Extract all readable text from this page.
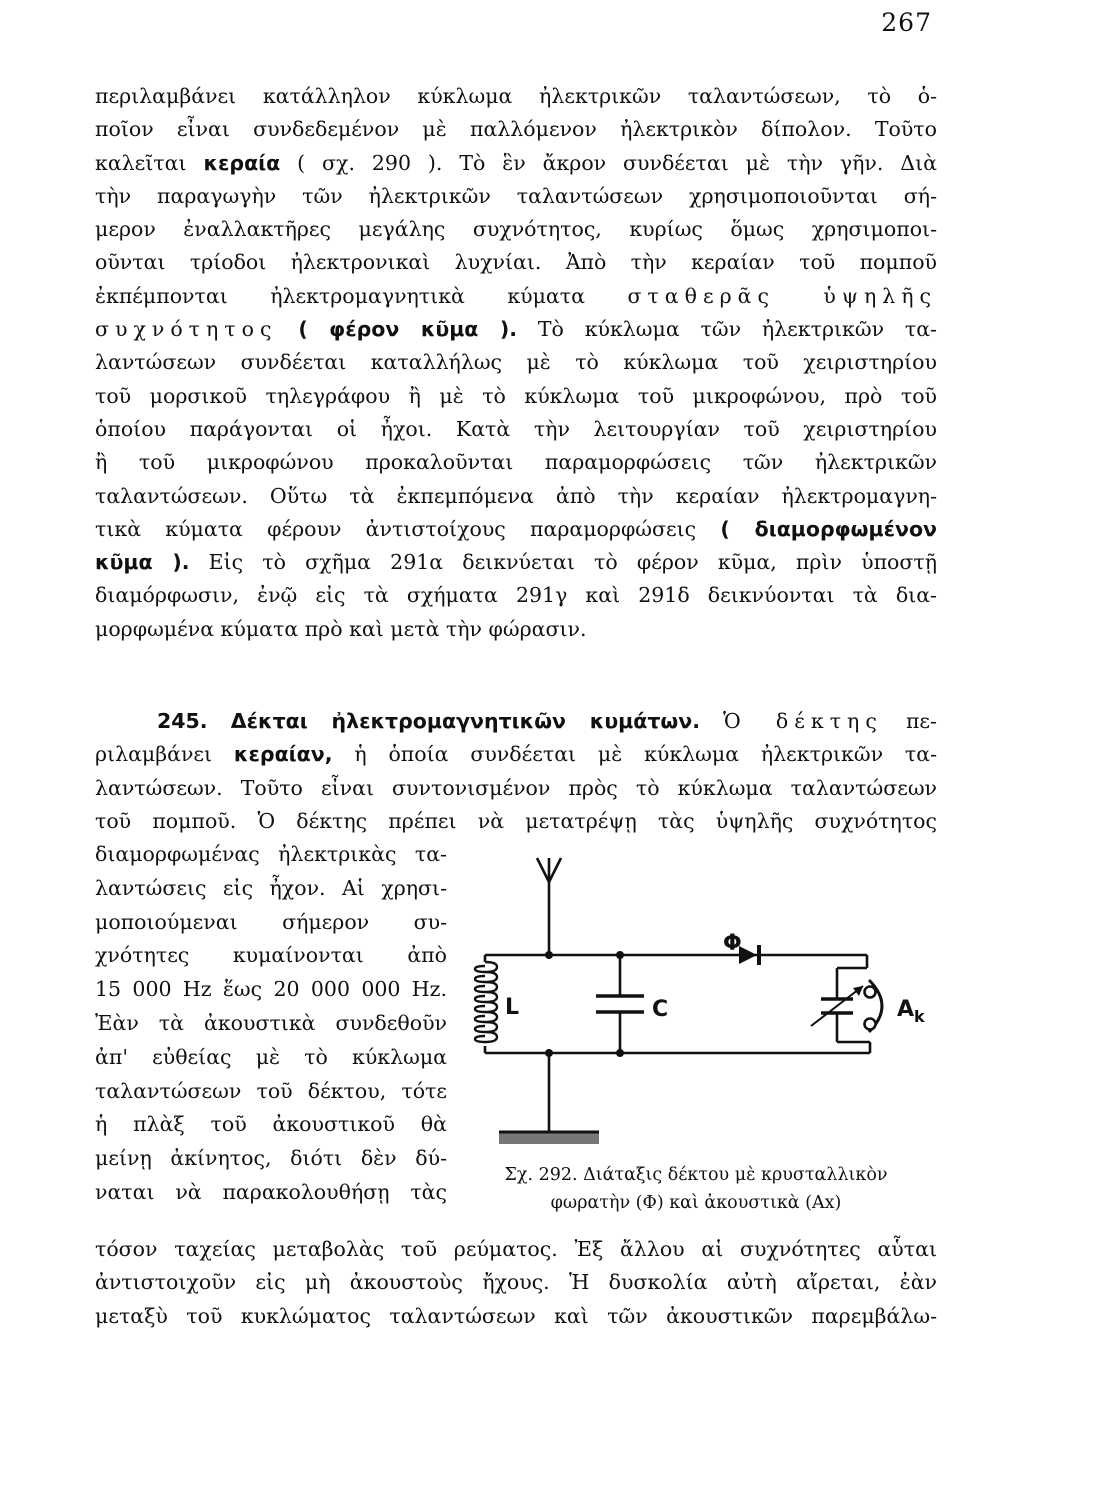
267
περιλαμβάνει κατάλληλον κύκλωμα ἠλεκτρικῶν ταλαντώσεων, τὸ ὁ-
ποῖον εἶναι συνδεδεμένον μὲ παλλόμενον ἠλεκτρικὸν δίπολον. Τοῦτο
καλεῖται κεραία ( σχ. 290 ). Τὸ ἓν ἄκρον συνδέεται μὲ τὴν γῆν. Διὰ
τὴν παραγωγὴν τῶν ἠλεκτρικῶν ταλαντώσεων χρησιμοποιοῦνται σή-
μερον ἐναλλακτῆρες μεγάλης συχνότητος, κυρίως ὅμως χρησιμοποι-
οῦνται τρίοδοι ἠλεκτρονικαὶ λυχνίαι. Ἀπὸ τὴν κεραίαν τοῦ πομποῦ
ἐκπέμπονται ἠλεκτρομαγνητικὰ κύματα σταθερᾶς ὑψηλῆς
συχνότητος ( φέρον κῦμα ). Τὸ κύκλωμα τῶν ἠλεκτρικῶν τα-
λαντώσεων συνδέεται καταλλήλως μὲ τὸ κύκλωμα τοῦ χειριστηρίου
τοῦ μορσικοῦ τηλεγράφου ἢ μὲ τὸ κύκλωμα τοῦ μικροφώνου, πρὸ τοῦ
ὁποίου παράγονται οἱ ἦχοι. Κατὰ τὴν λειτουργίαν τοῦ χειριστηρίου
ἢ τοῦ μικροφώνου προκαλοῦνται παραμορφώσεις τῶν ἠλεκτρικῶν
ταλαντώσεων. Οὕτω τὰ ἐκπεμπόμενα ἀπὸ τὴν κεραίαν ἠλεκτρομαγνη-
τικὰ κύματα φέρουν ἀντιστοίχους παραμορφώσεις ( διαμορφωμένον
κῦμα ). Εἰς τὸ σχῆμα 291α δεικνύεται τὸ φέρον κῦμα, πρὶν ὑποστῇ
διαμόρφωσιν, ἐνῷ εἰς τὰ σχήματα 291γ καὶ 291δ δεικνύονται τὰ δια-
μορφωμένα κύματα πρὸ καὶ μετὰ τὴν φώρασιν.
245. Δέκται ἠλεκτρομαγνητικῶν κυμάτων. Ὁ δέκτης πε-
ριλαμβάνει κεραίαν, ἡ ὁποία συνδέεται μὲ κύκλωμα ἠλεκτρικῶν τα-
λαντώσεων. Τοῦτο εἶναι συντονισμένον πρὸς τὸ κύκλωμα ταλαντώσεων
τοῦ πομποῦ. Ὁ δέκτης πρέπει νὰ μετατρέψῃ τὰς ὑψηλῆς συχνότητος
διαμορφωμένας ἠλεκτρικὰς τα-
λαντώσεις εἰς ἦχον. Αἱ χρησι-
μοποιούμεναι σήμερον συ-
χνότητες κυμαίνονται ἀπὸ
15 000 Hz ἕως 20 000 000 Hz.
Ἐὰν τὰ ἀκουστικὰ συνδεθοῦν
ἀπ' εὐθείας μὲ τὸ κύκλωμα
ταλαντώσεων τοῦ δέκτου, τότε
ἡ πλὰξ τοῦ ἀκουστικοῦ θὰ
μείνῃ ἀκίνητος, διότι δὲν δύ-
ναται νὰ παρακολουθήσῃ τὰς
L	C
Φ
$A_k$
Σχ. 292. Διάταξις δέκτου μὲ κρυσταλλικὸν
φωρατὴν (Φ) καὶ ἀκουστικὰ (Αx)
τόσον ταχείας μεταβολὰς τοῦ ρεύματος. Ἐξ ἄλλου αἱ συχνότητες αὗται
ἀντιστοιχοῦν εἰς μὴ ἀκουστοὺς ἤχους. Ἡ δυσκολία αὐτὴ αἴρεται, ἐὰν
μεταξὺ τοῦ κυκλώματος ταλαντώσεων καὶ τῶν ἀκουστικῶν παρεμβάλω-
